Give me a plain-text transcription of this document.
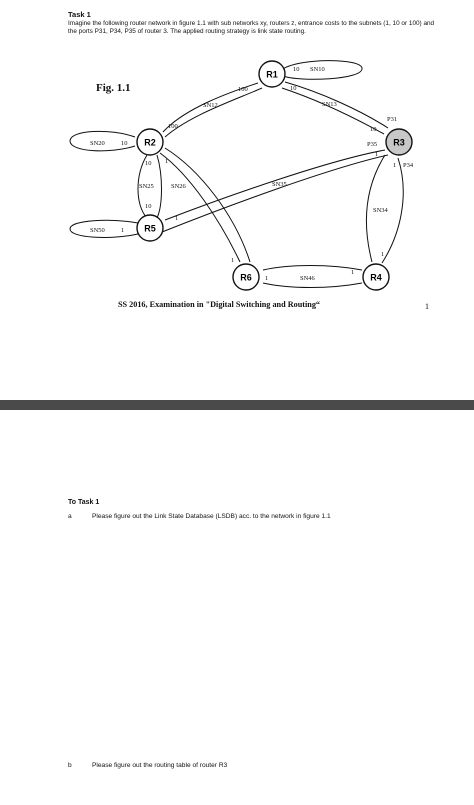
Task 1
Imagine the following router network in figure 1.1 with sub networks xy, routers z, entrance costs to the subnets (1, 10 or 100) and the ports P31, P34, P35 of router 3. The applied routing strategy is link state routing.
Fig. 1.1
R1
R2	R3
R4
R5
R6
SN10
SN12	SN13
SN20
SN25	SN26
SN34
SN35
SN46
SN50
P31
P34
P35
10
100
100
10
10
10
10
10
1
1
1
1
1
1
1
1
1
SS 2016, Examination in "Digital Switching and Routing“	1
To Task 1
a	Please figure out the Link State Database (LSDB) acc. to the network in figure 1.1
b	Please figure out the routing table of router R3
